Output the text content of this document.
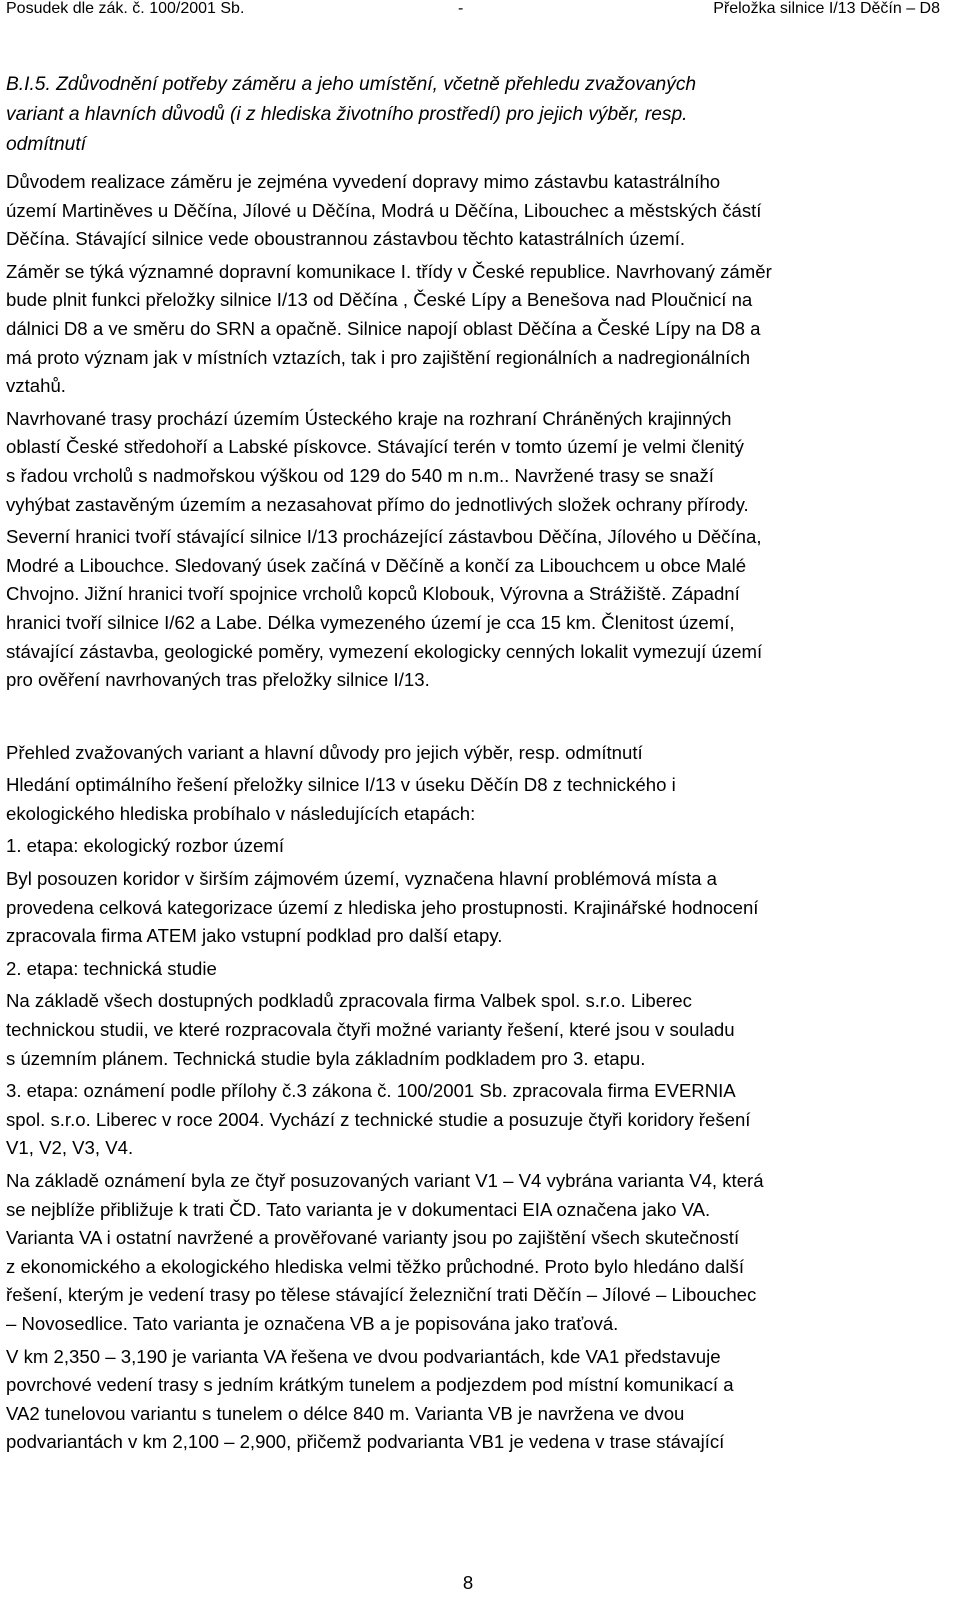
Posudek dle zák. č. 100/2001 Sb.	-	Přeložka silnice I/13 Děčín – D8
B.I.5. Zdůvodnění potřeby záměru a jeho umístění, včetně přehledu zvažovaných
variant a hlavních důvodů (i z hlediska životního prostředí) pro jejich výběr, resp.
odmítnutí
Důvodem realizace záměru je zejména vyvedení dopravy mimo zástavbu katastrálního
území Martiněves u Děčína, Jílové u Děčína, Modrá u Děčína, Libouchec a městských částí
Děčína. Stávající silnice vede oboustrannou zástavbou těchto katastrálních území.
Záměr se týká významné dopravní komunikace I. třídy v České republice. Navrhovaný záměr
bude plnit funkci přeložky silnice I/13 od Děčína , České Lípy a Benešova nad Ploučnicí na
dálnici D8 a ve směru do SRN a opačně. Silnice napojí oblast Děčína a České Lípy na D8 a
má proto význam jak v místních vztazích, tak i pro zajištění regionálních a nadregionálních
vztahů.
Navrhované trasy prochází územím Ústeckého kraje na rozhraní Chráněných krajinných
oblastí České středohoří a Labské pískovce. Stávající terén v tomto území je velmi členitý
s řadou vrcholů s nadmořskou výškou od 129 do 540 m n.m.. Navržené trasy se snaží
vyhýbat zastavěným územím a nezasahovat přímo do jednotlivých složek ochrany přírody.
Severní hranici tvoří stávající silnice I/13 procházející zástavbou Děčína, Jílového u Děčína,
Modré a Libouchce. Sledovaný úsek začíná v Děčíně a končí za Libouchcem u obce Malé
Chvojno. Jižní hranici tvoří spojnice vrcholů kopců Klobouk, Výrovna a Strážiště. Západní
hranici tvoří silnice I/62 a Labe. Délka vymezeného území je cca 15 km. Členitost území,
stávající zástavba, geologické poměry, vymezení ekologicky cenných lokalit vymezují území
pro ověření navrhovaných tras přeložky silnice I/13.
Přehled zvažovaných variant a hlavní důvody pro jejich výběr, resp. odmítnutí
Hledání optimálního řešení přeložky silnice I/13 v úseku Děčín D8 z technického i
ekologického hlediska probíhalo v následujících etapách:
1. etapa: ekologický rozbor území
Byl posouzen koridor v širším zájmovém území, vyznačena hlavní problémová místa a
provedena celková kategorizace území z hlediska jeho prostupnosti. Krajinářské hodnocení
zpracovala firma ATEM jako vstupní podklad pro další etapy.
2. etapa: technická studie
Na základě všech dostupných podkladů zpracovala firma Valbek spol. s.r.o. Liberec
technickou studii, ve které rozpracovala čtyři možné varianty řešení, které jsou v souladu
s územním plánem. Technická studie byla základním podkladem pro 3. etapu.
3. etapa: oznámení podle přílohy č.3 zákona č. 100/2001 Sb. zpracovala firma EVERNIA
spol. s.r.o. Liberec v roce 2004. Vychází z technické studie a posuzuje čtyři koridory řešení
V1, V2, V3, V4.
Na základě oznámení byla ze čtyř posuzovaných variant V1 – V4 vybrána varianta V4, která
se nejblíže přibližuje k trati ČD. Tato varianta je v dokumentaci EIA označena jako VA.
Varianta VA i ostatní navržené a prověřované varianty jsou po zajištění všech skutečností
z ekonomického a ekologického hlediska velmi těžko průchodné. Proto bylo hledáno další
řešení, kterým je vedení trasy po tělese stávající železniční trati Děčín – Jílové – Libouchec
– Novosedlice. Tato varianta je označena VB a je popisována jako traťová.
V km 2,350 – 3,190 je varianta VA řešena ve dvou podvariantách, kde VA1 představuje
povrchové vedení trasy s jedním krátkým tunelem a podjezdem pod místní komunikací a
VA2 tunelovou variantu s tunelem o délce 840 m. Varianta VB je navržena ve dvou
podvariantách v km 2,100 – 2,900, přičemž podvarianta VB1 je vedena v trase stávající
8
